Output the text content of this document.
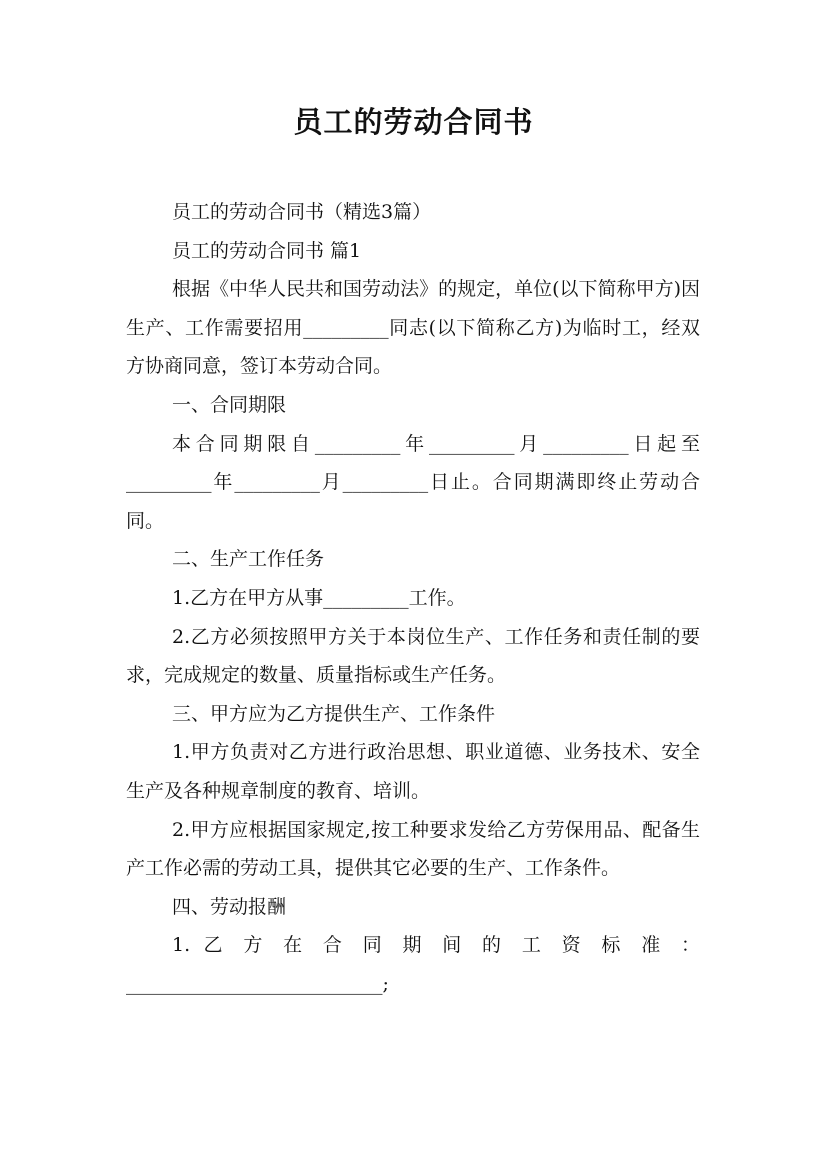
员工的劳动合同书

员工的劳动合同书（精选3篇）

员工的劳动合同书 篇1

根据《中华人民共和国劳动法》的规定，单位(以下简称甲方)因生产、工作需要招用_________同志(以下简称乙方)为临时工，经双方协商同意，签订本劳动合同。

一、合同期限

本合同期限自_________年_________月_________日起至_________年_________月_________日止。合同期满即终止劳动合同。

二、生产工作任务

1.乙方在甲方从事_________工作。

2.乙方必须按照甲方关于本岗位生产、工作任务和责任制的要求，完成规定的数量、质量指标或生产任务。

三、甲方应为乙方提供生产、工作条件

1.甲方负责对乙方进行政治思想、职业道德、业务技术、安全生产及各种规章制度的教育、培训。

2.甲方应根据国家规定,按工种要求发给乙方劳保用品、配备生产工作必需的劳动工具，提供其它必要的生产、工作条件。

四、劳动报酬

1. 乙 方 在 合 同 期 间 的 工 资 标 准 ：

___________________________;
